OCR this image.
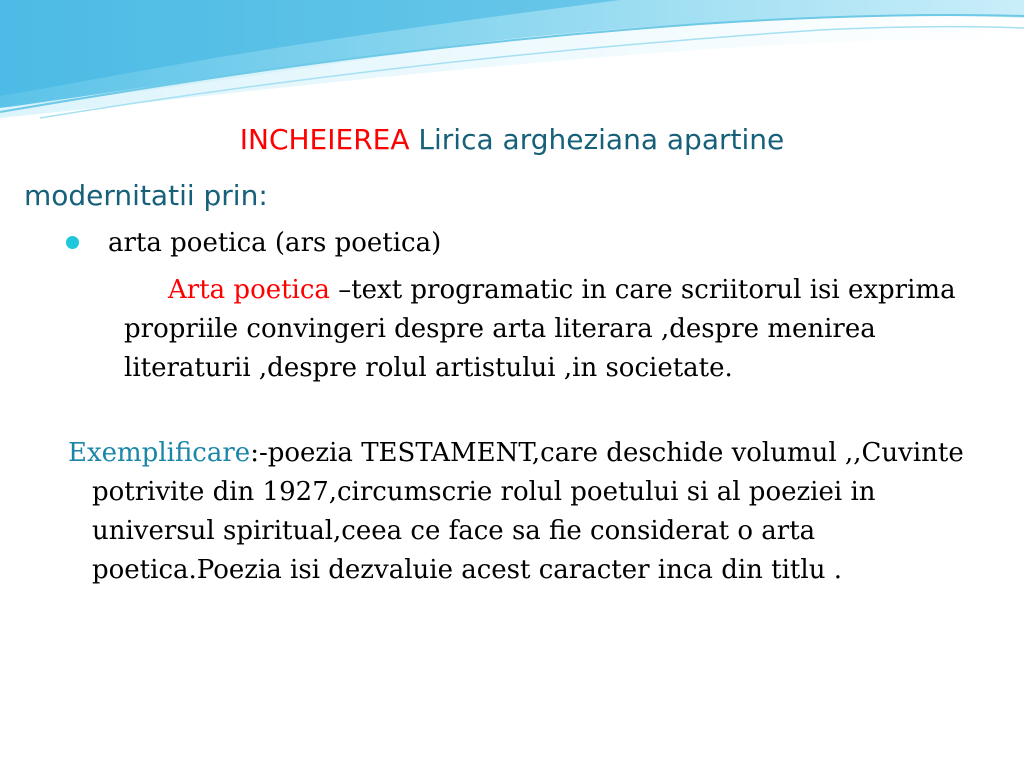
INCHEIEREA Lirica argheziana apartine
modernitatii prin:

arta poetica (ars poetica)

Arta poetica –text programatic in care scriitorul isi exprima propriile convingeri despre arta literara ,despre menirea literaturii ,despre rolul artistului ,in societate.

Exemplificare:-poezia TESTAMENT,care deschide volumul ,,Cuvinte potrivite din 1927,circumscrie rolul poetului si al poeziei in universul spiritual,ceea ce face sa fie considerat o arta poetica.Poezia isi dezvaluie acest caracter inca din titlu .
